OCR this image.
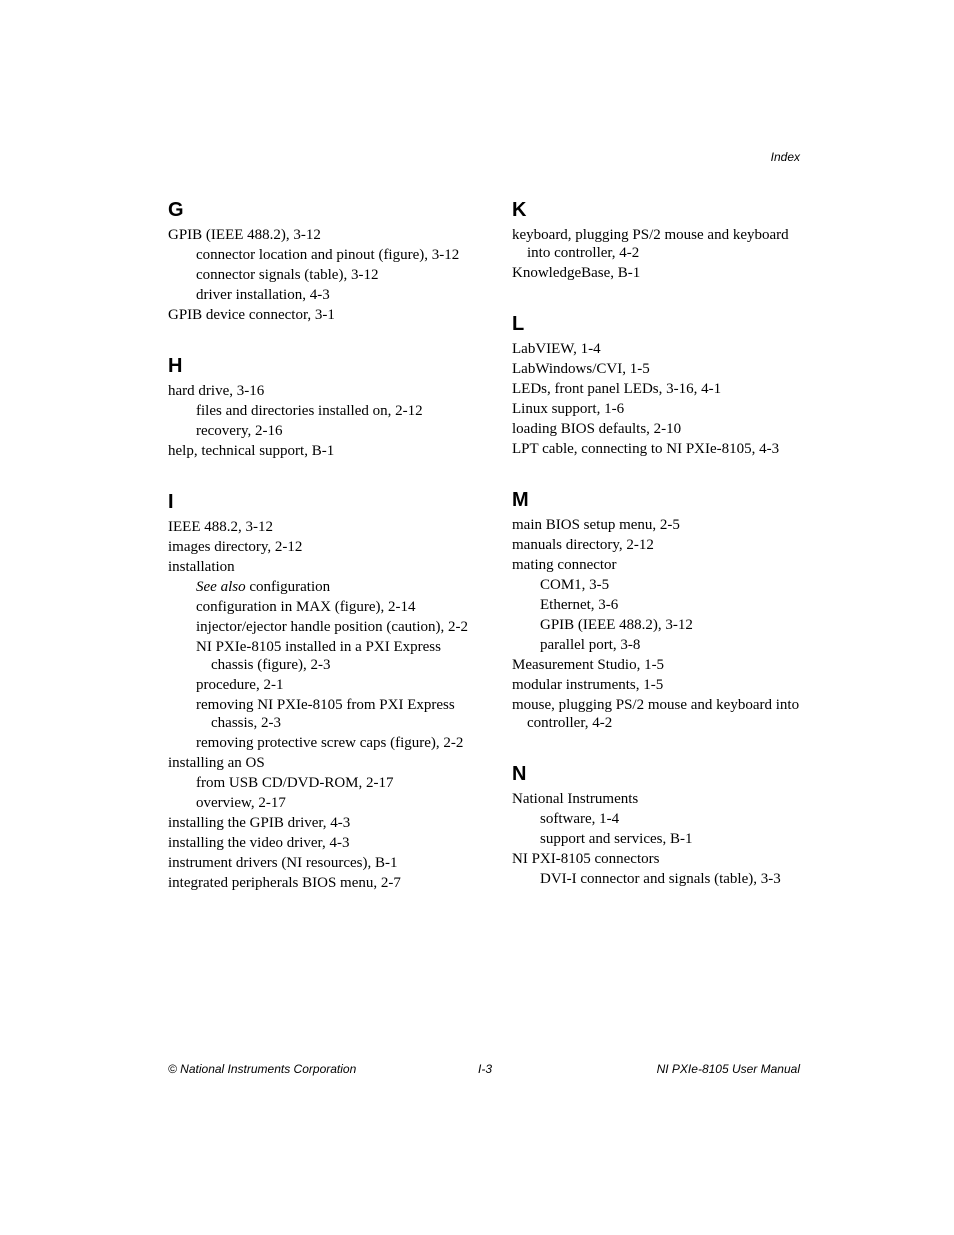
Index
G
GPIB (IEEE 488.2), 3-12
connector location and pinout (figure), 3-12
connector signals (table), 3-12
driver installation, 4-3
GPIB device connector, 3-1
H
hard drive, 3-16
files and directories installed on, 2-12
recovery, 2-16
help, technical support, B-1
I
IEEE 488.2, 3-12
images directory, 2-12
installation
See also configuration
configuration in MAX (figure), 2-14
injector/ejector handle position (caution), 2-2
NI PXIe-8105 installed in a PXI Express chassis (figure), 2-3
procedure, 2-1
removing NI PXIe-8105 from PXI Express chassis, 2-3
removing protective screw caps (figure), 2-2
installing an OS
from USB CD/DVD-ROM, 2-17
overview, 2-17
installing the GPIB driver, 4-3
installing the video driver, 4-3
instrument drivers (NI resources), B-1
integrated peripherals BIOS menu, 2-7
K
keyboard, plugging PS/2 mouse and keyboard into controller, 4-2
KnowledgeBase, B-1
L
LabVIEW, 1-4
LabWindows/CVI, 1-5
LEDs, front panel LEDs, 3-16, 4-1
Linux support, 1-6
loading BIOS defaults, 2-10
LPT cable, connecting to NI PXIe-8105, 4-3
M
main BIOS setup menu, 2-5
manuals directory, 2-12
mating connector
COM1, 3-5
Ethernet, 3-6
GPIB (IEEE 488.2), 3-12
parallel port, 3-8
Measurement Studio, 1-5
modular instruments, 1-5
mouse, plugging PS/2 mouse and keyboard into controller, 4-2
N
National Instruments
software, 1-4
support and services, B-1
NI PXI-8105 connectors
DVI-I connector and signals (table), 3-3
© National Instruments Corporation	I-3	NI PXIe-8105 User Manual
